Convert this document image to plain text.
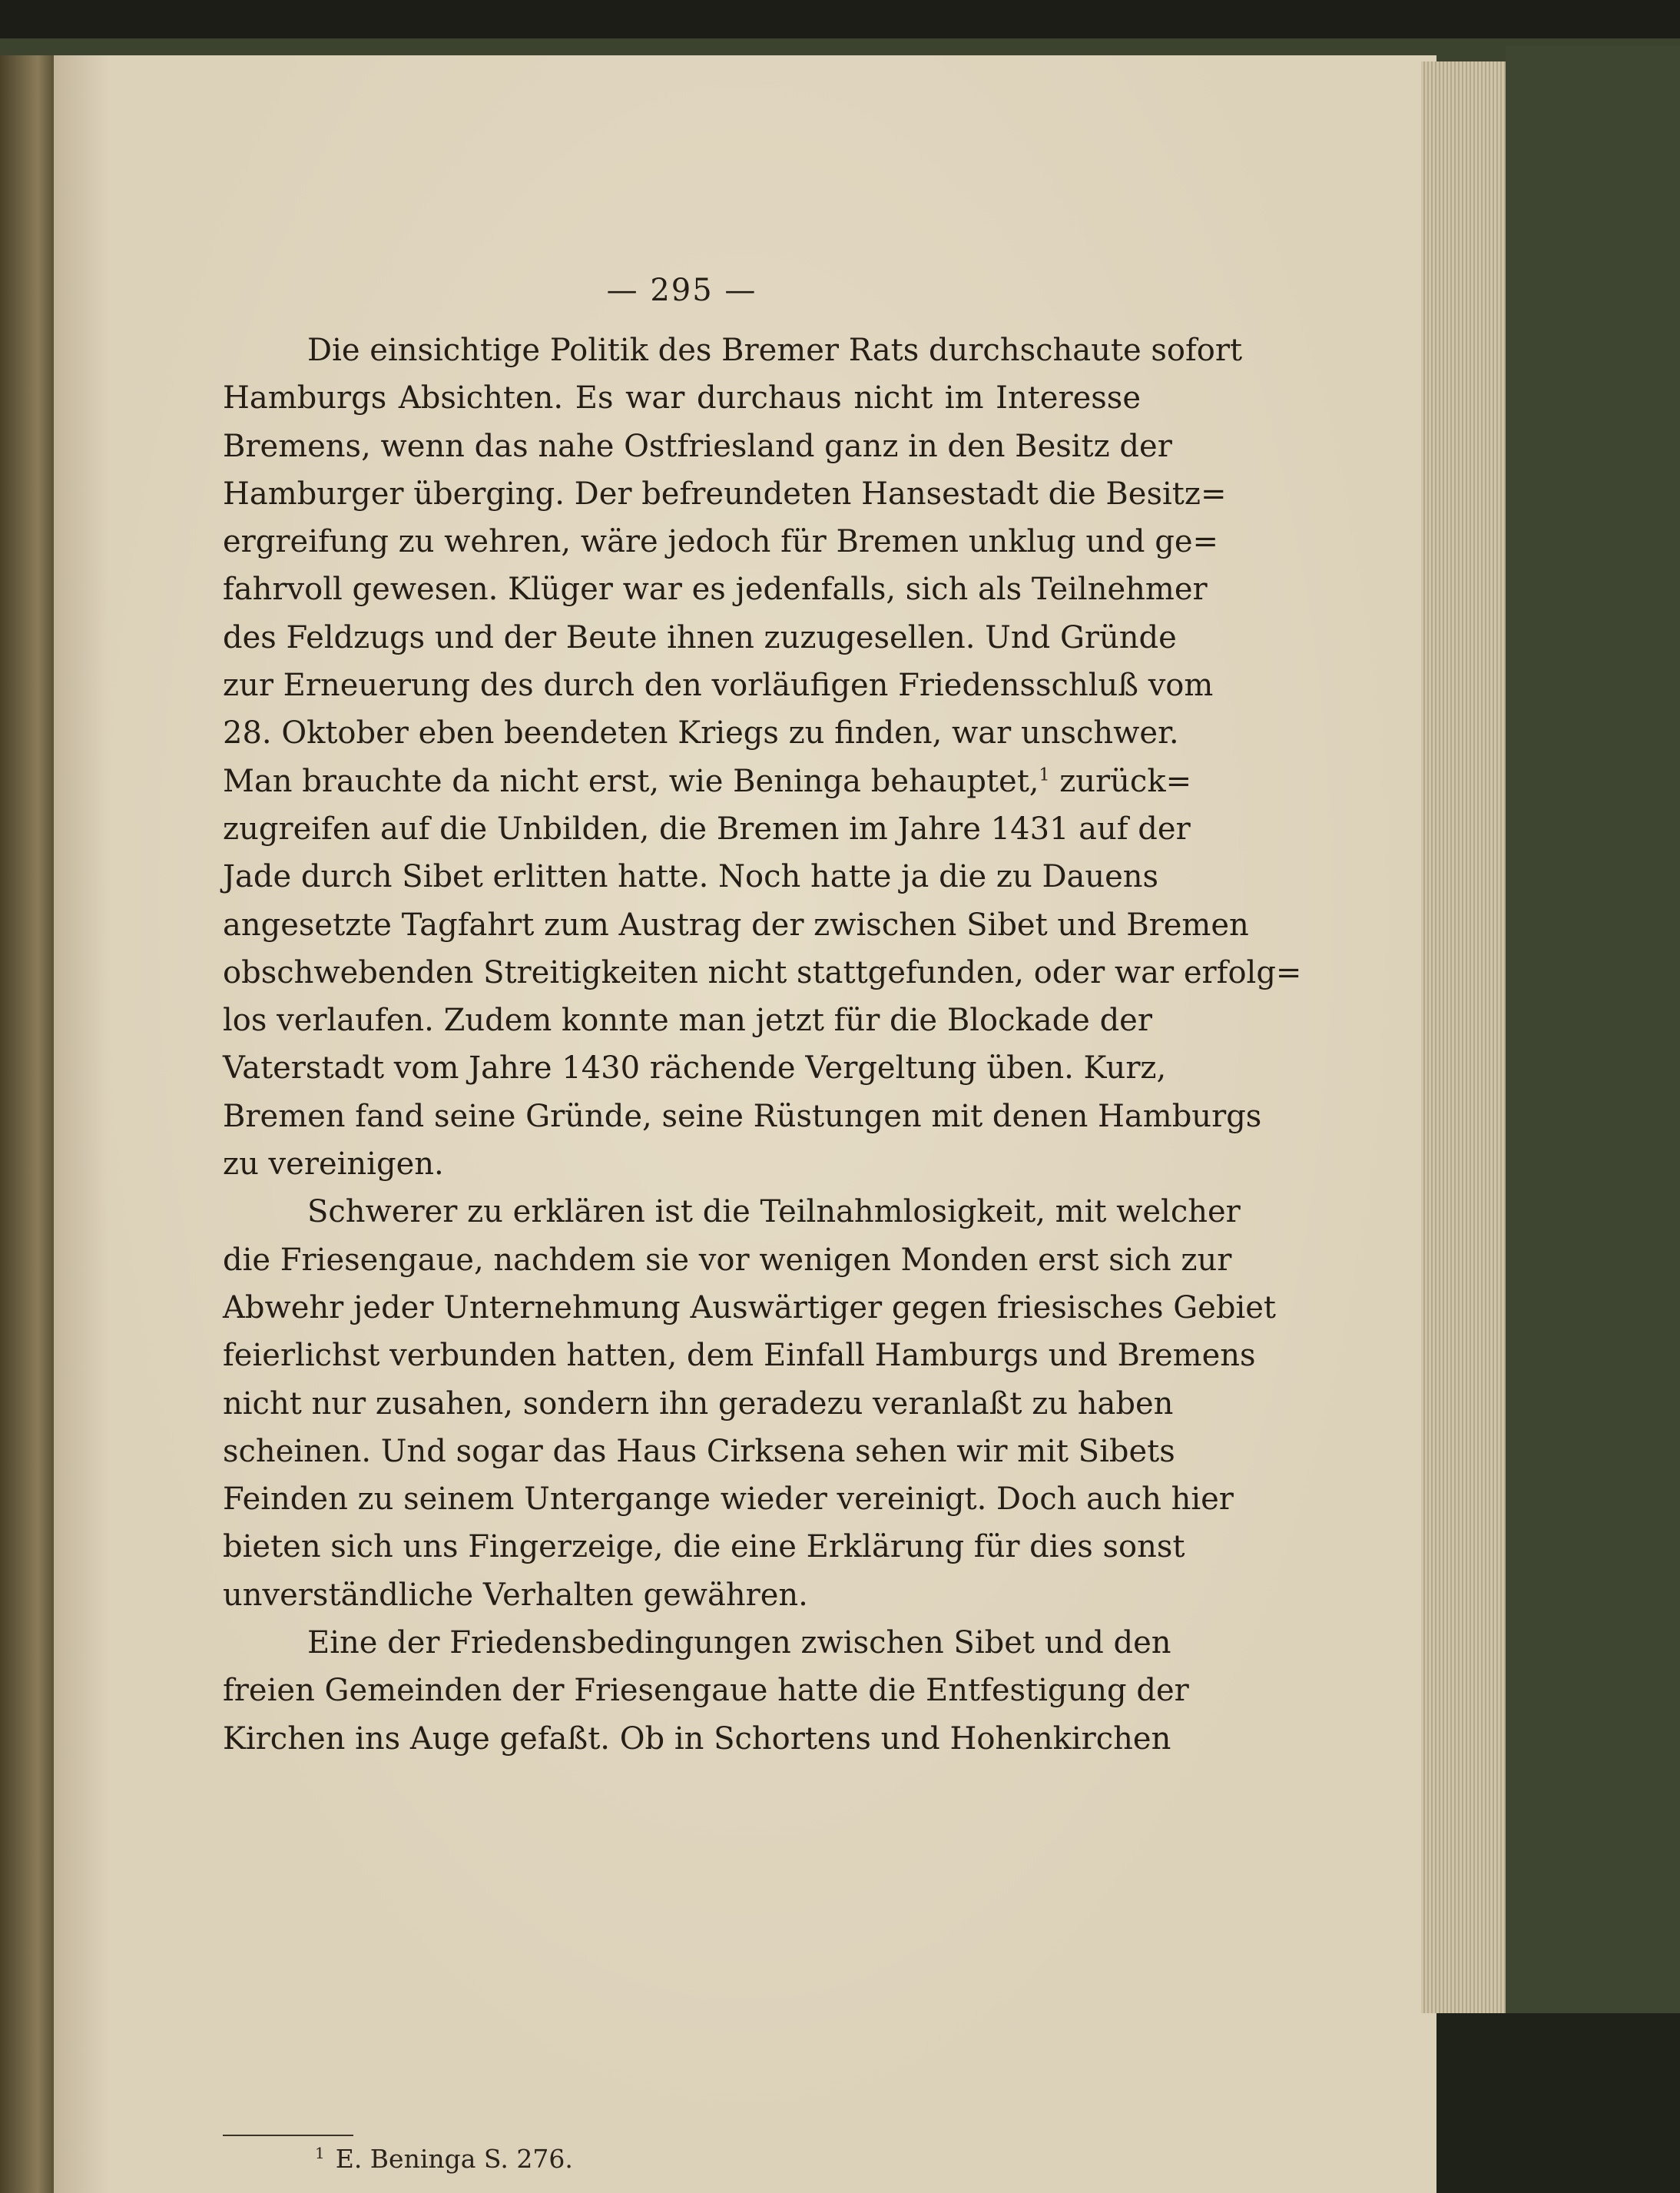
— 295 —
Die einsichtige Politik des Bremer Rats durchschaute sofort
Hamburgs Absichten. Es war durchaus nicht im Interesse
Bremens, wenn das nahe Ostfriesland ganz in den Besitz der
Hamburger überging. Der befreundeten Hansestadt die Besitz=
ergreifung zu wehren, wäre jedoch für Bremen unklug und ge=
fahrvoll gewesen. Klüger war es jedenfalls, sich als Teilnehmer
des Feldzugs und der Beute ihnen zuzugesellen. Und Gründe
zur Erneuerung des durch den vorläufigen Friedensschluß vom
28. Oktober eben beendeten Kriegs zu finden, war unschwer.
Man brauchte da nicht erst, wie Beninga behauptet,$^1$ zurück=
zugreifen auf die Unbilden, die Bremen im Jahre 1431 auf der
Jade durch Sibet erlitten hatte. Noch hatte ja die zu Dauens
angesetzte Tagfahrt zum Austrag der zwischen Sibet und Bremen
obschwebenden Streitigkeiten nicht stattgefunden, oder war erfolg=
los verlaufen. Zudem konnte man jetzt für die Blockade der
Vaterstadt vom Jahre 1430 rächende Vergeltung üben. Kurz,
Bremen fand seine Gründe, seine Rüstungen mit denen Hamburgs
zu vereinigen.
Schwerer zu erklären ist die Teilnahmlosigkeit, mit welcher
die Friesengaue, nachdem sie vor wenigen Monden erst sich zur
Abwehr jeder Unternehmung Auswärtiger gegen friesisches Gebiet
feierlichst verbunden hatten, dem Einfall Hamburgs und Bremens
nicht nur zusahen, sondern ihn geradezu veranlaßt zu haben
scheinen. Und sogar das Haus Cirksena sehen wir mit Sibets
Feinden zu seinem Untergange wieder vereinigt. Doch auch hier
bieten sich uns Fingerzeige, die eine Erklärung für dies sonst
unverständliche Verhalten gewähren.
Eine der Friedensbedingungen zwischen Sibet und den
freien Gemeinden der Friesengaue hatte die Entfestigung der
Kirchen ins Auge gefaßt. Ob in Schortens und Hohenkirchen
$^1$ E. Beninga S. 276.
